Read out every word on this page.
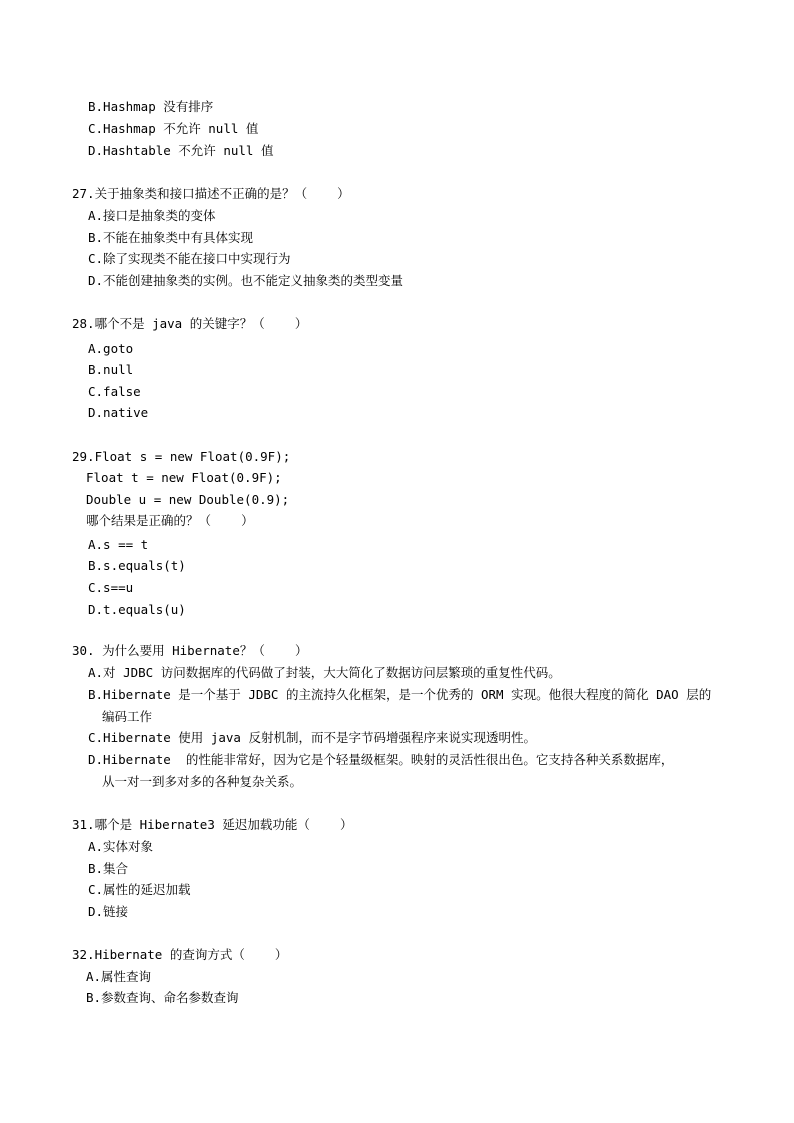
B.Hashmap 没有排序
C.Hashmap 不允许 null 值
D.Hashtable 不允许 null 值
27.关于抽象类和接口描述不正确的是？（    ）
A.接口是抽象类的变体
B.不能在抽象类中有具体实现
C.除了实现类不能在接口中实现行为
D.不能创建抽象类的实例。也不能定义抽象类的类型变量
28.哪个不是 java 的关键字？（    ）
A.goto
B.null
C.false
D.native
29.Float s = new Float(0.9F);
Float t = new Float(0.9F);
Double u = new Double(0.9);
哪个结果是正确的？（    ）
A.s == t
B.s.equals(t)
C.s==u
D.t.equals(u)
30. 为什么要用 Hibernate？（    ）
A.对 JDBC 访问数据库的代码做了封装，大大简化了数据访问层繁琐的重复性代码。
B.Hibernate 是一个基于 JDBC 的主流持久化框架，是一个优秀的 ORM 实现。他很大程度的简化 DAO 层的
编码工作
C.Hibernate 使用 java 反射机制，而不是字节码增强程序来说实现透明性。
D.Hibernate  的性能非常好，因为它是个轻量级框架。映射的灵活性很出色。它支持各种关系数据库，
从一对一到多对多的各种复杂关系。
31.哪个是 Hibernate3 延迟加载功能（    ）
A.实体对象
B.集合
C.属性的延迟加载
D.链接
32.Hibernate 的查询方式（    ）
A.属性查询
B.参数查询、命名参数查询
